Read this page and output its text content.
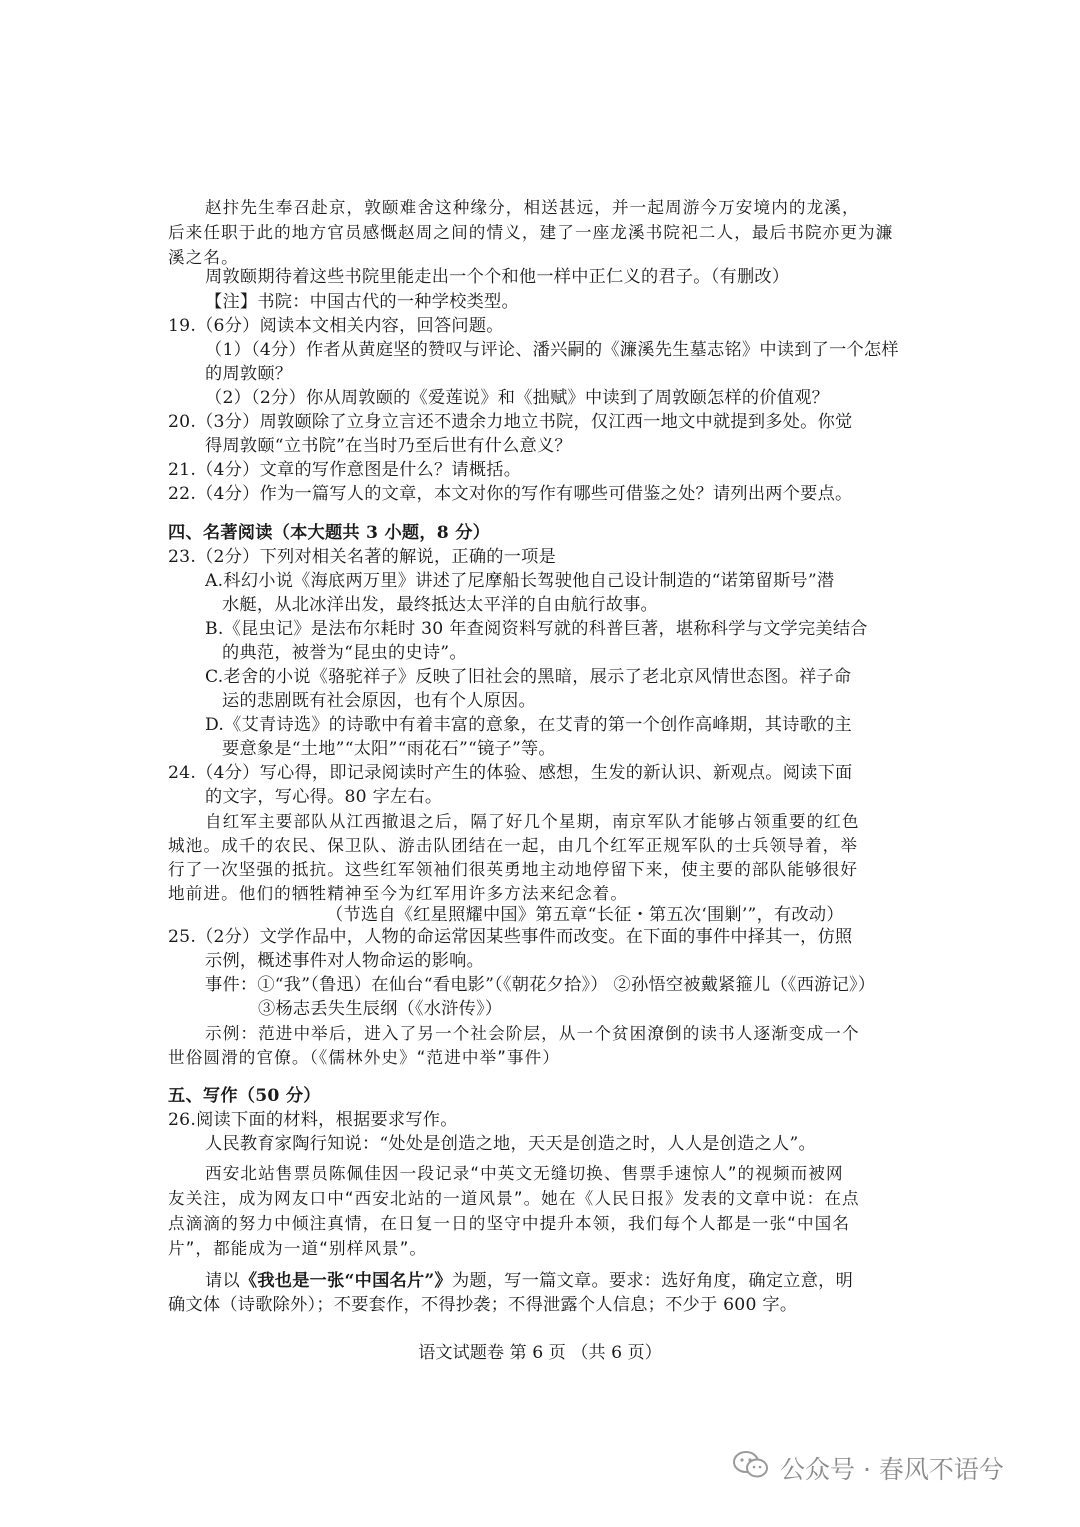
赵抃先生奉召赴京，敦颐难舍这种缘分，相送甚远，并一起周游今万安境内的龙溪，
后来任职于此的地方官员感慨赵周之间的情义，建了一座龙溪书院祀二人，最后书院亦更为濂
溪之名。
周敦颐期待着这些书院里能走出一个个和他一样中正仁义的君子。（有删改）
【注】书院：中国古代的一种学校类型。
19.（6分）阅读本文相关内容，回答问题。
（1）（4分）作者从黄庭坚的赞叹与评论、潘兴嗣的《濂溪先生墓志铭》中读到了一个怎样
的周敦颐？
（2）（2分）你从周敦颐的《爱莲说》和《拙赋》中读到了周敦颐怎样的价值观？
20.（3分）周敦颐除了立身立言还不遗余力地立书院，仅江西一地文中就提到多处。你觉
得周敦颐“立书院”在当时乃至后世有什么意义？
21.（4分）文章的写作意图是什么？请概括。
22.（4分）作为一篇写人的文章，本文对你的写作有哪些可借鉴之处？请列出两个要点。
四、名著阅读（本大题共 3 小题，8 分）
23.（2分）下列对相关名著的解说，正确的一项是
A.科幻小说《海底两万里》讲述了尼摩船长驾驶他自己设计制造的“诺第留斯号”潜
水艇，从北冰洋出发，最终抵达太平洋的自由航行故事。
B.《昆虫记》是法布尔耗时 30 年查阅资料写就的科普巨著，堪称科学与文学完美结合
的典范，被誉为“昆虫的史诗”。
C.老舍的小说《骆驼祥子》反映了旧社会的黑暗，展示了老北京风情世态图。祥子命
运的悲剧既有社会原因，也有个人原因。
D.《艾青诗选》的诗歌中有着丰富的意象，在艾青的第一个创作高峰期，其诗歌的主
要意象是“土地”“太阳”“雨花石”“镜子”等。
24.（4分）写心得，即记录阅读时产生的体验、感想，生发的新认识、新观点。阅读下面
的文字，写心得。80 字左右。
自红军主要部队从江西撤退之后，隔了好几个星期，南京军队才能够占领重要的红色
城池。成千的农民、保卫队、游击队团结在一起，由几个红军正规军队的士兵领导着，举
行了一次坚强的抵抗。这些红军领袖们很英勇地主动地停留下来，使主要的部队能够很好
地前进。他们的牺牲精神至今为红军用许多方法来纪念着。
（节选自《红星照耀中国》第五章“长征・第五次‘围剿’”，有改动）
25.（2分）文学作品中，人物的命运常因某些事件而改变。在下面的事件中择其一，仿照
示例，概述事件对人物命运的影响。
事件：①“我”（鲁迅）在仙台“看电影”（《朝花夕拾》） ②孙悟空被戴紧箍儿（《西游记》）
③杨志丢失生辰纲（《水浒传》）
示例：范进中举后，进入了另一个社会阶层，从一个贫困潦倒的读书人逐渐变成一个
世俗圆滑的官僚。（《儒林外史》“范进中举”事件）
五、写作（50 分）
26.阅读下面的材料，根据要求写作。
人民教育家陶行知说：“处处是创造之地，天天是创造之时，人人是创造之人”。
西安北站售票员陈佩佳因一段记录“中英文无缝切换、售票手速惊人”的视频而被网
友关注，成为网友口中“西安北站的一道风景”。她在《人民日报》发表的文章中说：在点
点滴滴的努力中倾注真情，在日复一日的坚守中提升本领，我们每个人都是一张“中国名
片”，都能成为一道“别样风景”。
请以《我也是一张“中国名片”》为题，写一篇文章。要求：选好角度，确定立意，明
确文体（诗歌除外）；不要套作，不得抄袭；不得泄露个人信息；不少于 600 字。
语文试题卷 第 6 页 （共 6 页）
公众号 · 春风不语兮
